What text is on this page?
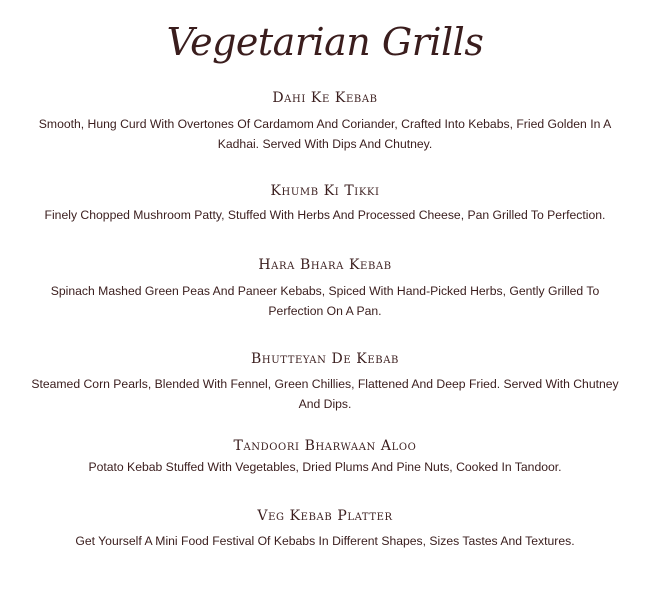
Vegetarian Grills

Dahi Ke Kebab

Smooth, Hung Curd With Overtones Of Cardamom And Coriander, Crafted Into Kebabs, Fried Golden In A Kadhai. Served With Dips And Chutney.

Khumb Ki Tikki

Finely Chopped Mushroom Patty, Stuffed With Herbs And Processed Cheese, Pan Grilled To Perfection.

Hara Bhara Kebab

Spinach Mashed Green Peas And Paneer Kebabs, Spiced With Hand-Picked Herbs, Gently Grilled To Perfection On A Pan.

Bhutteyan De Kebab

Steamed Corn Pearls, Blended With Fennel, Green Chillies, Flattened And Deep Fried. Served With Chutney And Dips.

Tandoori Bharwaan Aloo

Potato Kebab Stuffed With Vegetables, Dried Plums And Pine Nuts, Cooked In Tandoor.

Veg Kebab Platter

Get Yourself A Mini Food Festival Of Kebabs In Different Shapes, Sizes Tastes And Textures.
